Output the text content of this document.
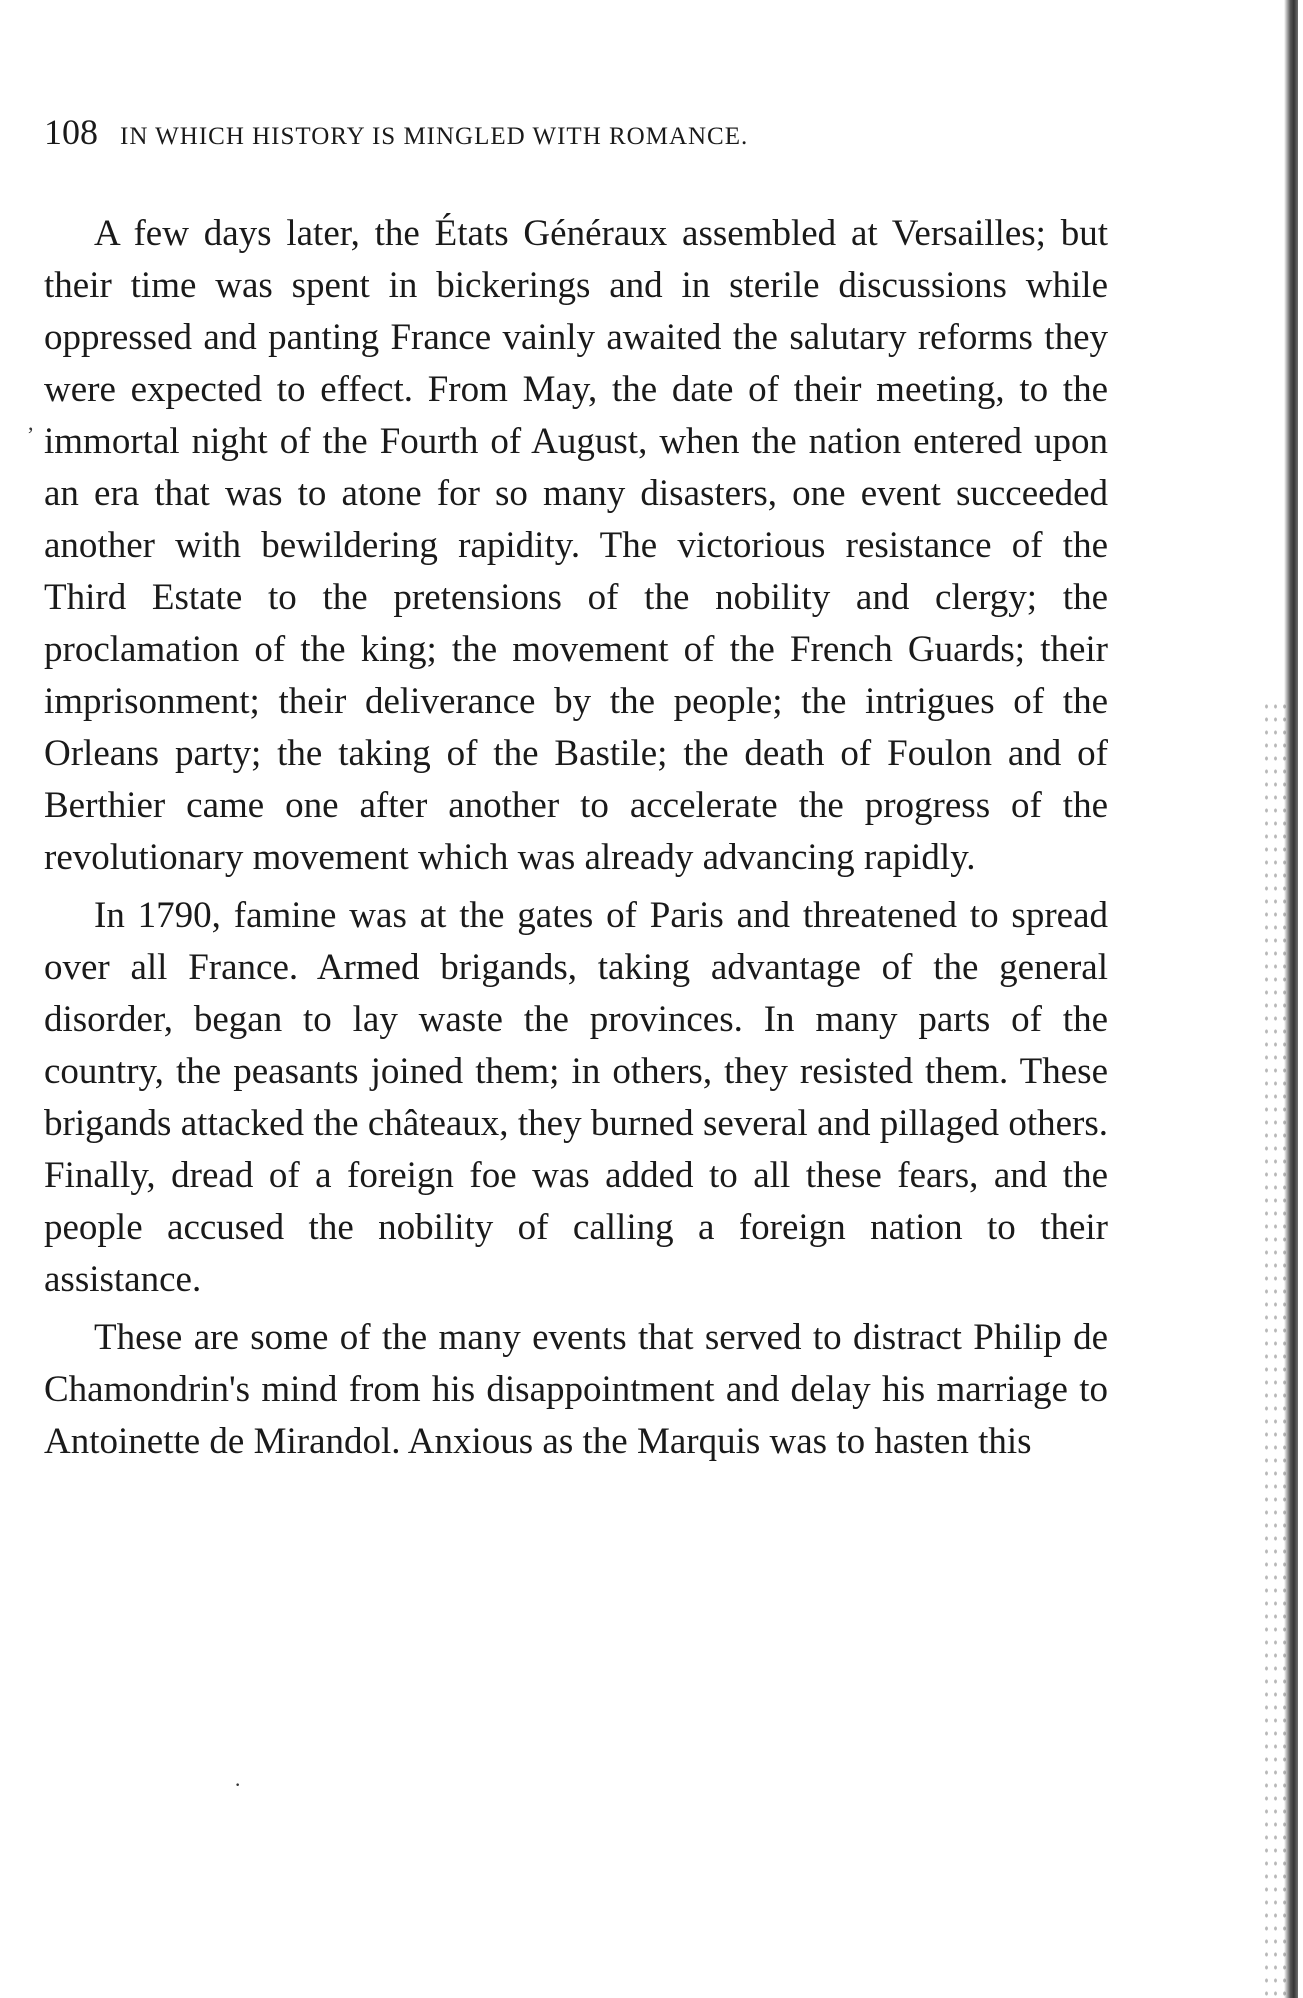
108 IN WHICH HISTORY IS MINGLED WITH ROMANCE.

A few days later, the États Généraux assembled at Versailles; but their time was spent in bickerings and in sterile discussions while oppressed and panting France vainly awaited the salutary reforms they were expected to effect. From May, the date of their meeting, to the immortal night of the Fourth of August, when the nation entered upon an era that was to atone for so many disasters, one event succeeded another with bewildering rapidity. The victorious resistance of the Third Estate to the pretensions of the nobility and clergy; the proclamation of the king; the movement of the French Guards; their imprisonment; their deliverance by the people; the intrigues of the Orleans party; the taking of the Bastile; the death of Foulon and of Berthier came one after another to accelerate the progress of the revolutionary movement which was already advancing rapidly.

In 1790, famine was at the gates of Paris and threatened to spread over all France. Armed brigands, taking advantage of the general disorder, began to lay waste the provinces. In many parts of the country, the peasants joined them; in others, they resisted them. These brigands attacked the châteaux, they burned several and pillaged others. Finally, dread of a foreign foe was added to all these fears, and the people accused the nobility of calling a foreign nation to their assistance.

These are some of the many events that served to distract Philip de Chamondrin's mind from his disappointment and delay his marriage to Antoinette de Mirandol. Anxious as the Marquis was to hasten this

,
·
